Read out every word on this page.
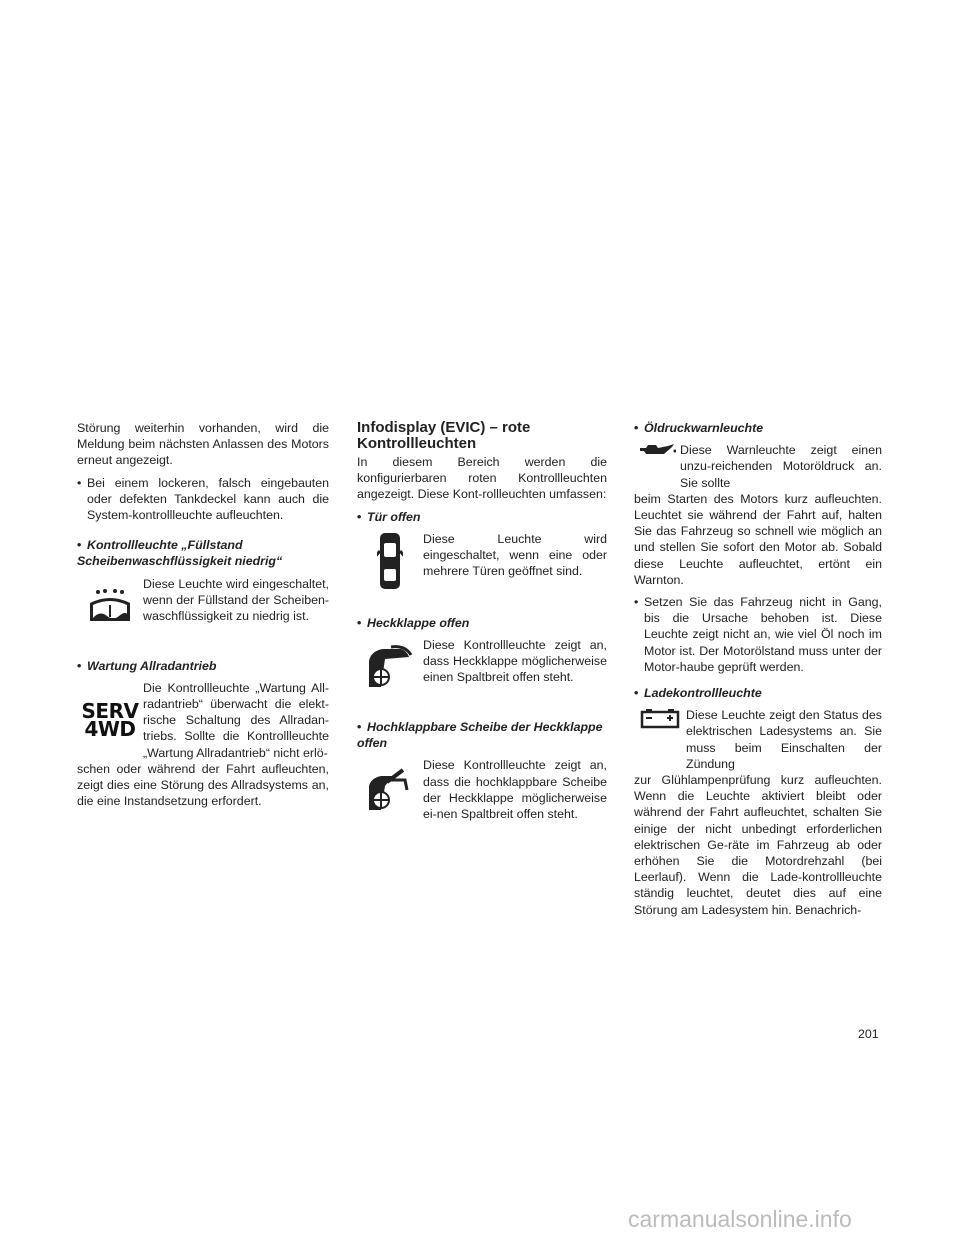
Störung weiterhin vorhanden, wird die Meldung beim nächsten Anlassen des Motors erneut angezeigt.

• Bei einem lockeren, falsch eingebauten oder defekten Tankdeckel kann auch die System-kontrollleuchte aufleuchten.
• Kontrollleuchte „Füllstand
Scheibenwaschflüssigkeit niedrig“
Diese Leuchte wird eingeschaltet, wenn der Füllstand der Scheiben-waschflüssigkeit zu niedrig ist.
• Wartung Allradantrieb
SERV
4WD
Die Kontrollleuchte „Wartung All-radantrieb“ überwacht die elekt-rische Schaltung des Allradan-triebs. Sollte die Kontrollleuchte „Wartung Allradantrieb“ nicht erlö-

schen oder während der Fahrt aufleuchten, zeigt dies eine Störung des Allradsystems an, die eine Instandsetzung erfordert.

Infodisplay (EVIC) – rote
Kontrollleuchten

In diesem Bereich werden die konfigurierbaren roten Kontrollleuchten angezeigt. Diese Kont-rollleuchten umfassen:

• Tür offen
Diese Leuchte wird eingeschaltet, wenn eine oder mehrere Türen geöffnet sind.
• Heckklappe offen
Diese Kontrollleuchte zeigt an, dass Heckklappe möglicherweise einen Spaltbreit offen steht.
• Hochklappbare Scheibe der Heckklappe
offen
Diese Kontrollleuchte zeigt an, dass die hochklappbare Scheibe der Heckklappe möglicherweise ei-nen Spaltbreit offen steht.
• Öldruckwarnleuchte
Diese Warnleuchte zeigt einen unzu-reichenden Motoröldruck an. Sie sollte

beim Starten des Motors kurz aufleuchten. Leuchtet sie während der Fahrt auf, halten Sie das Fahrzeug so schnell wie möglich an und stellen Sie sofort den Motor ab. Sobald diese Leuchte aufleuchtet, ertönt ein Warnton.

• Setzen Sie das Fahrzeug nicht in Gang, bis die Ursache behoben ist. Diese Leuchte zeigt nicht an, wie viel Öl noch im Motor ist. Der Motorölstand muss unter der Motor-haube geprüft werden.
• Ladekontrollleuchte
Diese Leuchte zeigt den Status des elektrischen Ladesystems an. Sie muss beim Einschalten der Zündung

zur Glühlampenprüfung kurz aufleuchten. Wenn die Leuchte aktiviert bleibt oder während der Fahrt aufleuchtet, schalten Sie einige der nicht unbedingt erforderlichen elektrischen Ge-räte im Fahrzeug ab oder erhöhen Sie die Motordrehzahl (bei Leerlauf). Wenn die Lade-kontrollleuchte ständig leuchtet, deutet dies auf eine Störung am Ladesystem hin. Benachrich-

201
carmanualsonline.info
